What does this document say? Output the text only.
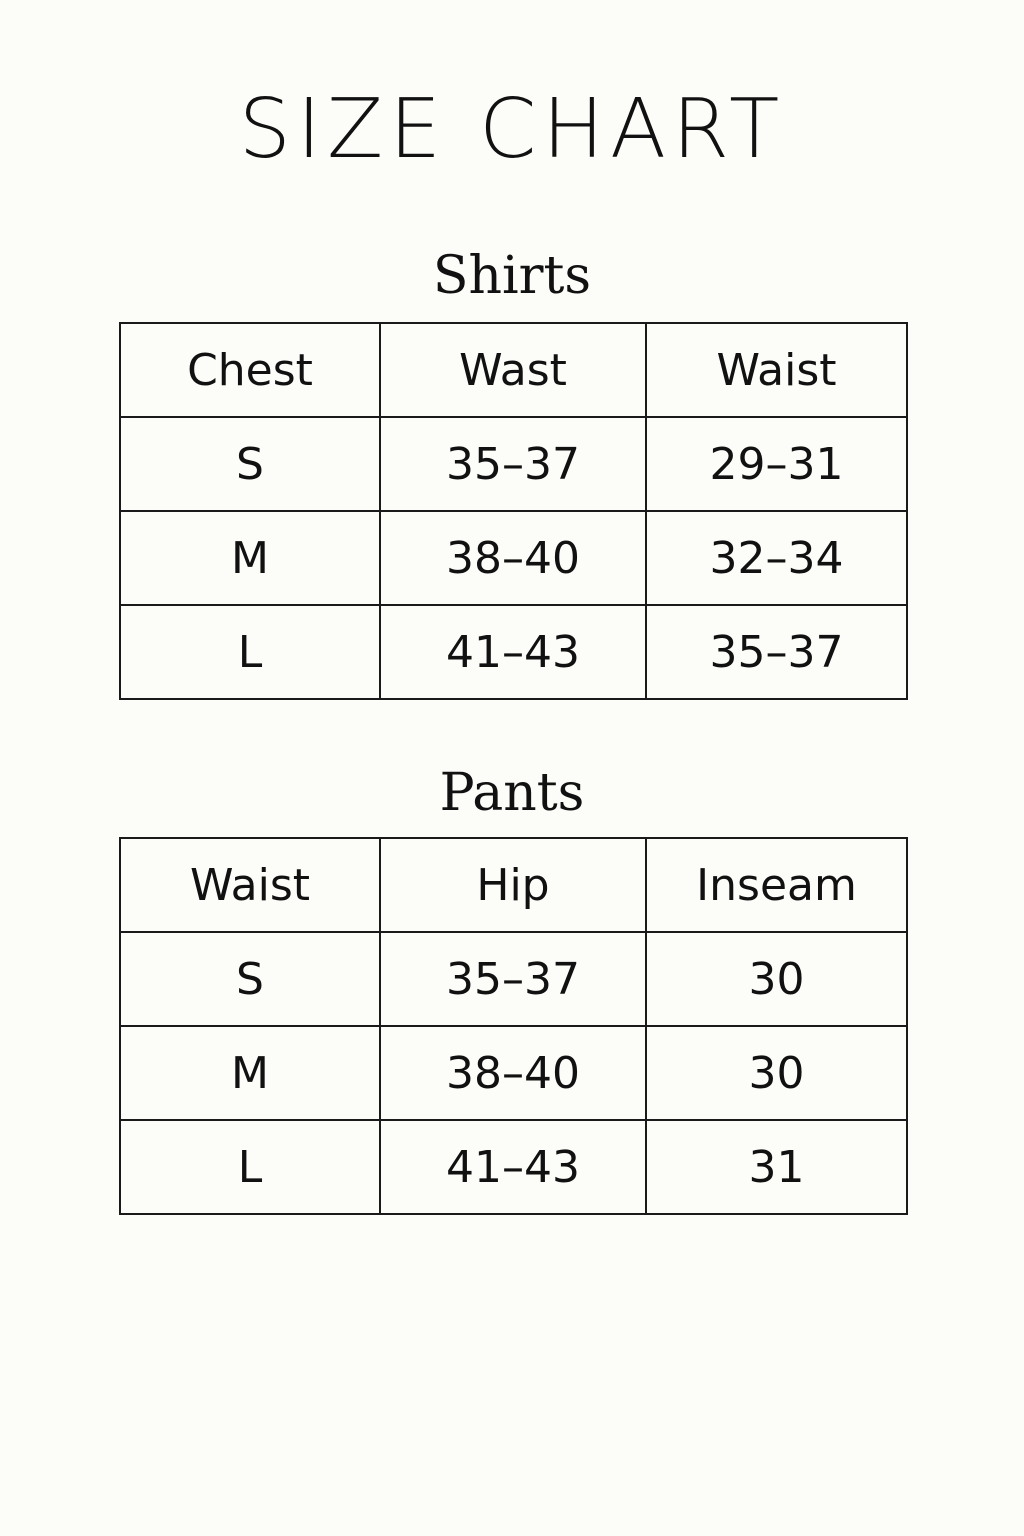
SIZE CHART
Shirts
Chest	Wast	Waist
S	35–37	29–31
M	38–40	32–34
L	41–43	35–37
Pants
Waist	Hip	Inseam
S	35–37	30
M	38–40	30
L	41–43	31
